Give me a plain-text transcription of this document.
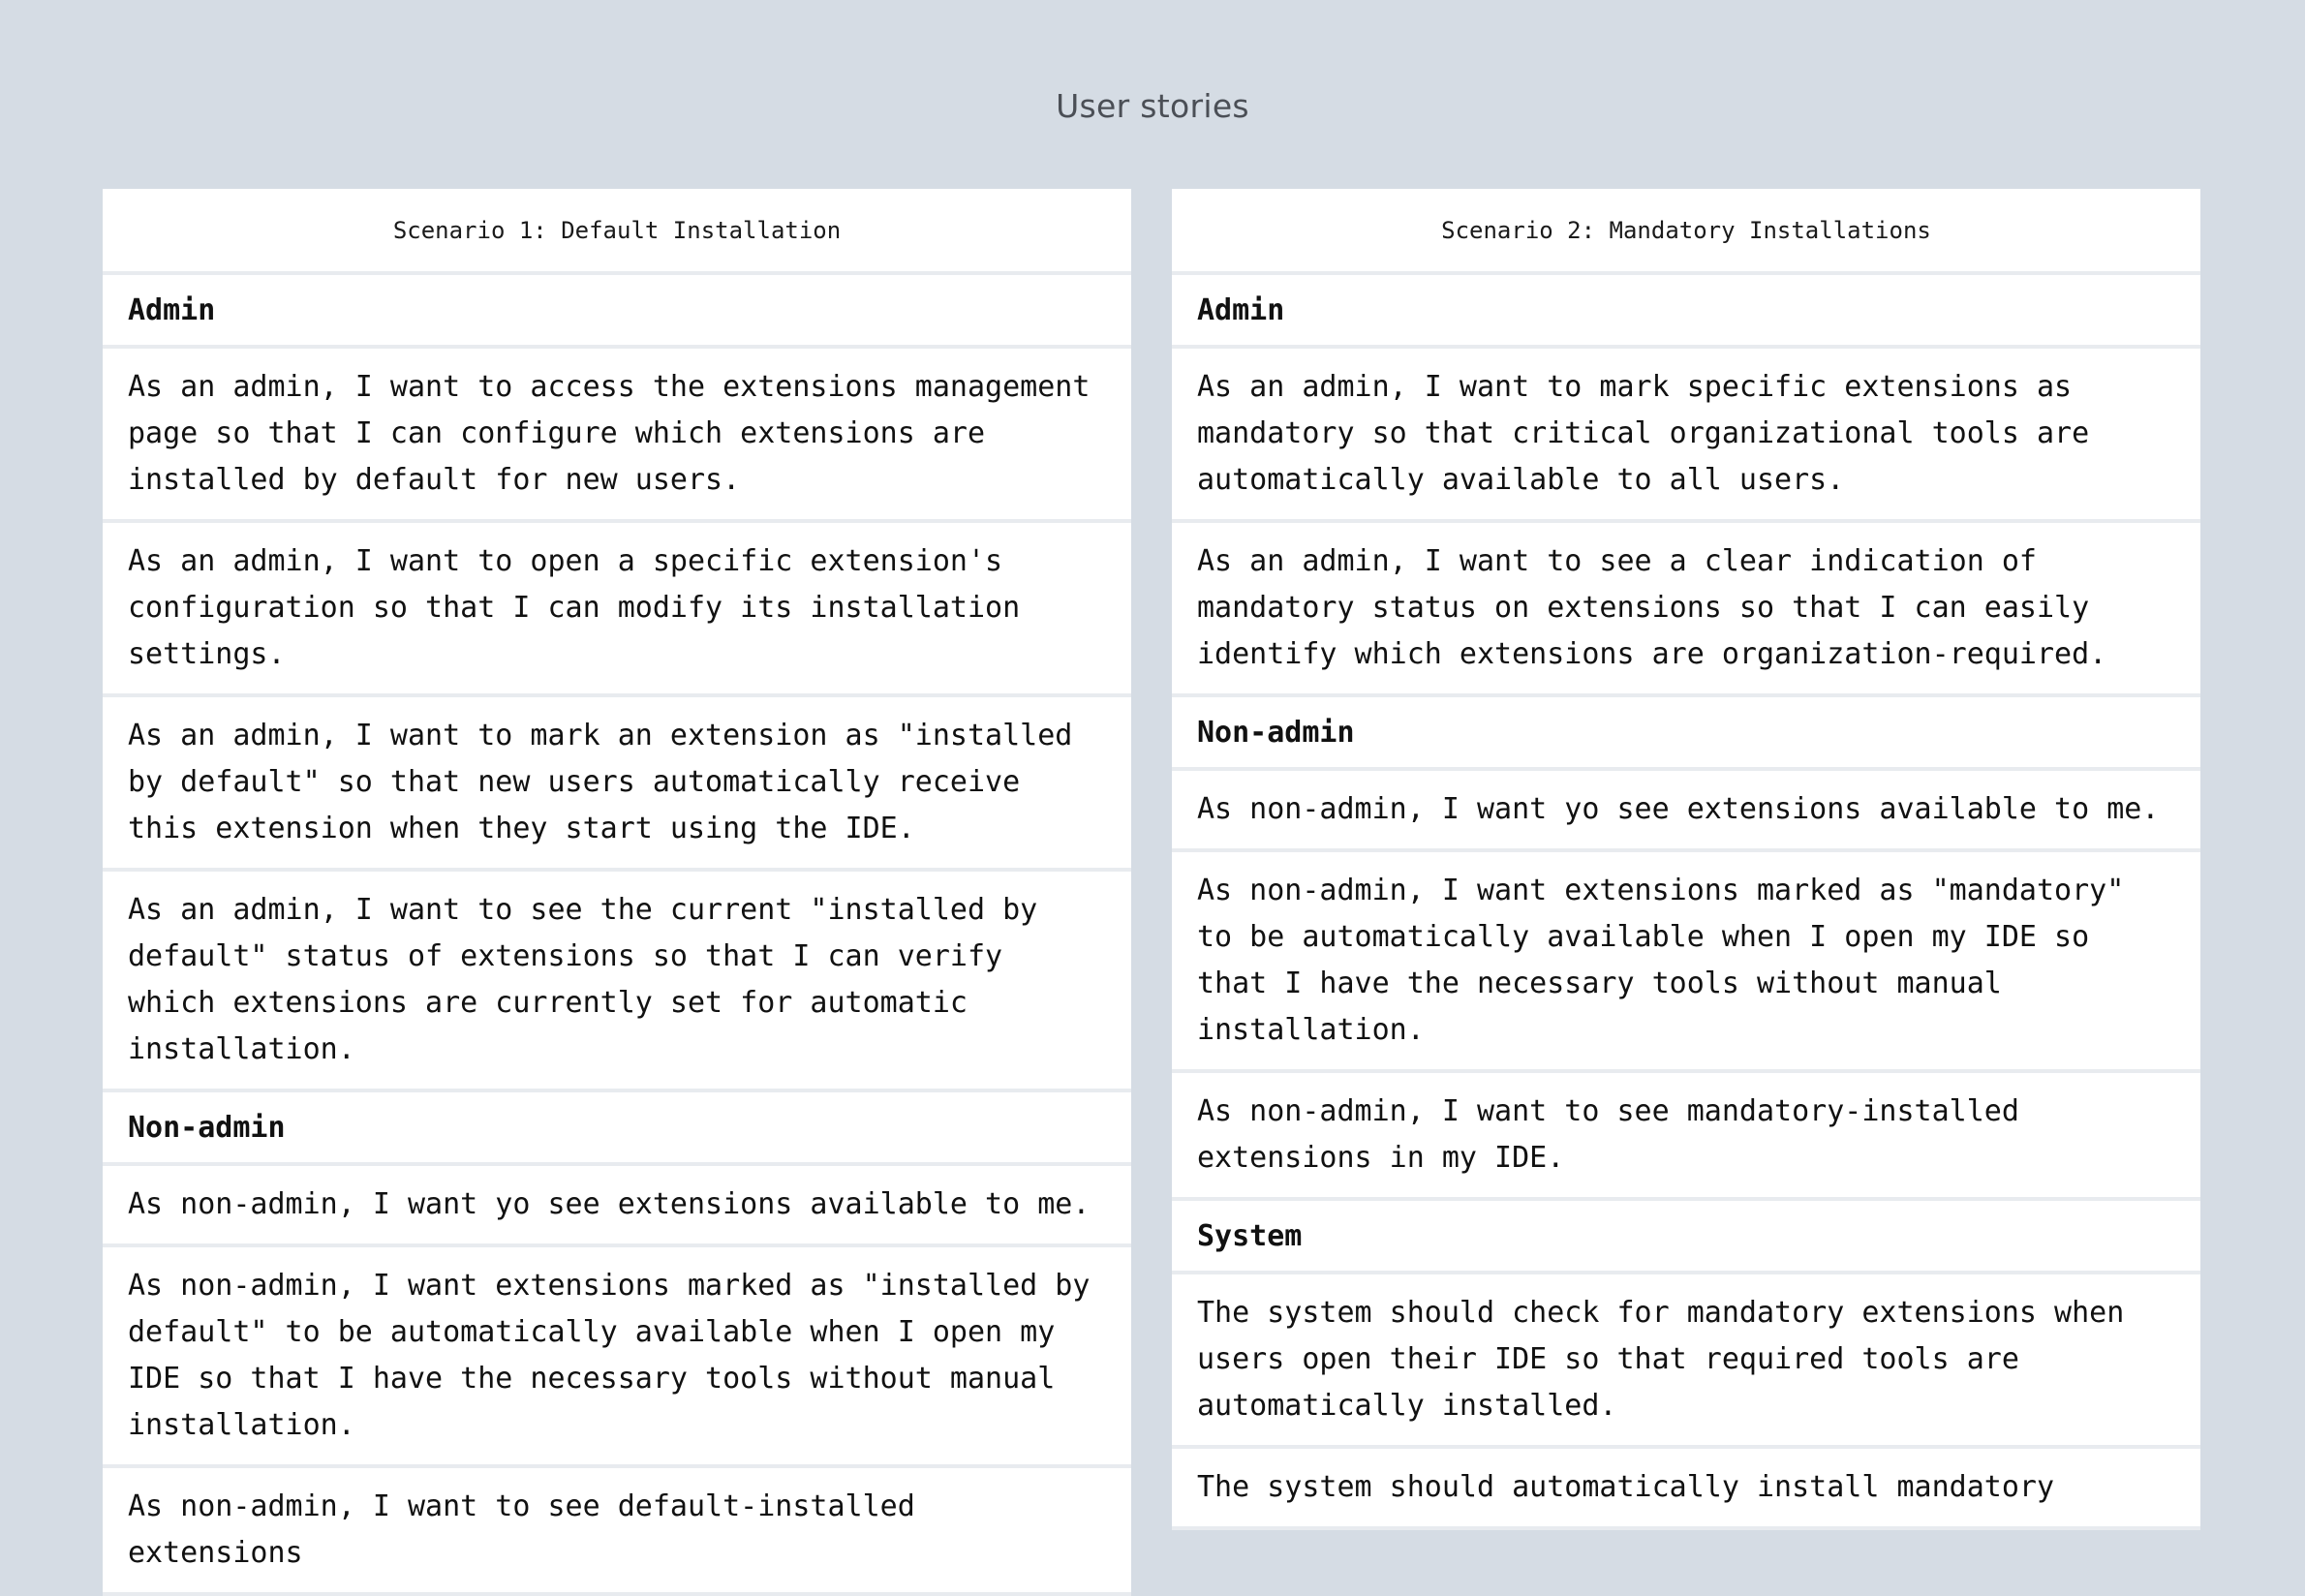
User stories
Scenario 1: Default Installation
Admin
As an admin, I want to access the extensions management page so that I can configure which extensions are installed by default for new users.
As an admin, I want to open a specific extension's configuration so that I can modify its installation settings.
As an admin, I want to mark an extension as "installed by default" so that new users automatically receive this extension when they start using the IDE.
As an admin, I want to see the current "installed by default" status of extensions so that I can verify which extensions are currently set for automatic installation.
Non-admin
As non-admin, I want yo see extensions available to me.
As non-admin, I want extensions marked as "installed by default" to be automatically available when I open my IDE so that I have the necessary tools without manual installation.
As non-admin, I want to see default-installed extensions
Scenario 2: Mandatory Installations
Admin
As an admin, I want to mark specific extensions as mandatory so that critical organizational tools are automatically available to all users.
As an admin, I want to see a clear indication of mandatory status on extensions so that I can easily identify which extensions are organization-required.
Non-admin
As non-admin, I want yo see extensions available to me.
As non-admin, I want extensions marked as "mandatory" to be automatically available when I open my IDE so that I have the necessary tools without manual installation.
As non-admin, I want to see mandatory-installed extensions in my IDE.
System
The system should check for mandatory extensions when users open their IDE so that required tools are automatically installed.
The system should automatically install mandatory
